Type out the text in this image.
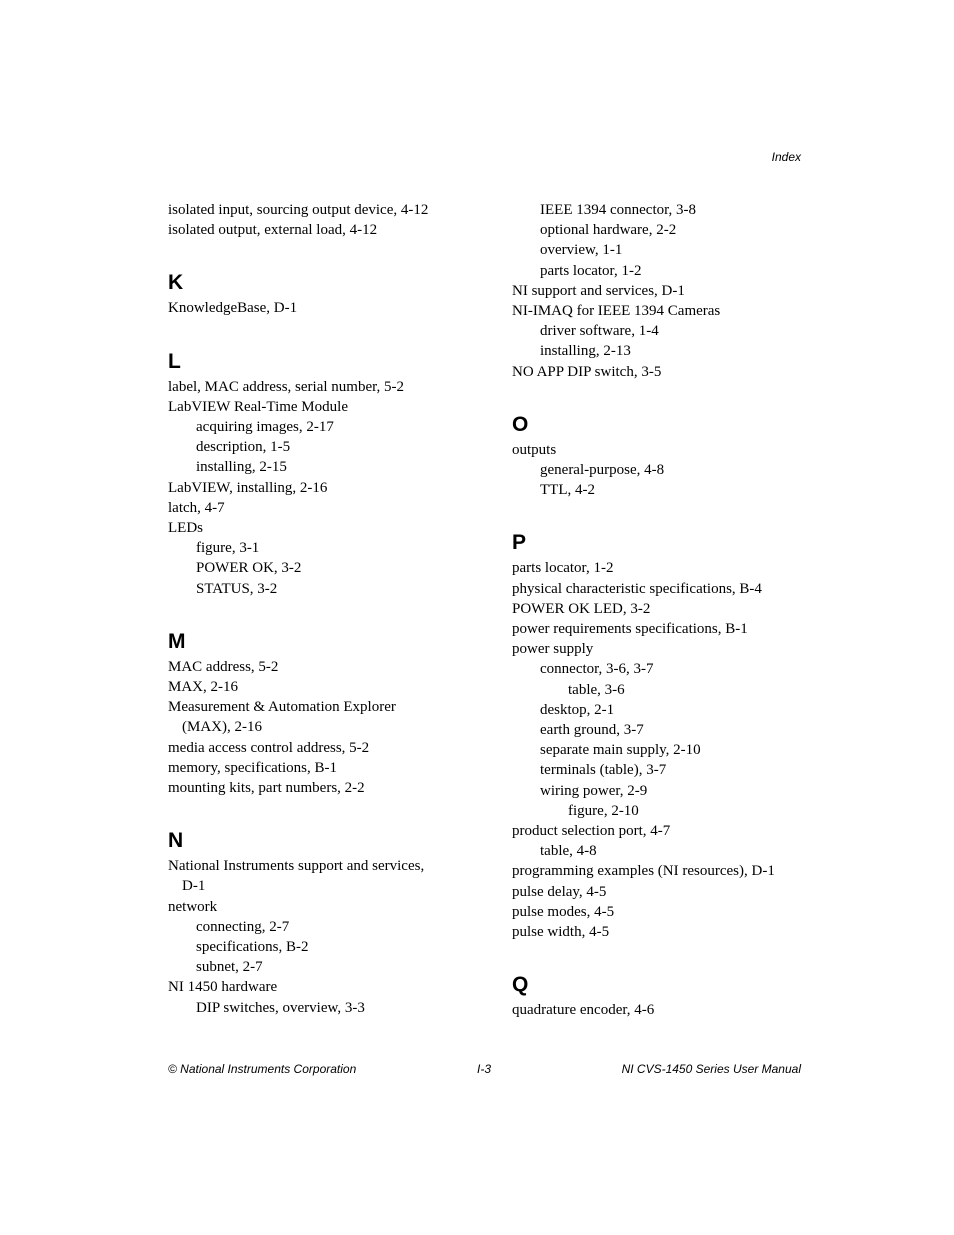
Index
isolated input, sourcing output device, 4-12
isolated output, external load, 4-12
K
KnowledgeBase, D-1
L
label, MAC address, serial number, 5-2
LabVIEW Real-Time Module
acquiring images, 2-17
description, 1-5
installing, 2-15
LabVIEW, installing, 2-16
latch, 4-7
LEDs
figure, 3-1
POWER OK, 3-2
STATUS, 3-2
M
MAC address, 5-2
MAX, 2-16
Measurement & Automation Explorer (MAX), 2-16
media access control address, 5-2
memory, specifications, B-1
mounting kits, part numbers, 2-2
N
National Instruments support and services, D-1
network
connecting, 2-7
specifications, B-2
subnet, 2-7
NI 1450 hardware
DIP switches, overview, 3-3
IEEE 1394 connector, 3-8
optional hardware, 2-2
overview, 1-1
parts locator, 1-2
NI support and services, D-1
NI-IMAQ for IEEE 1394 Cameras
driver software, 1-4
installing, 2-13
NO APP DIP switch, 3-5
O
outputs
general-purpose, 4-8
TTL, 4-2
P
parts locator, 1-2
physical characteristic specifications, B-4
POWER OK LED, 3-2
power requirements specifications, B-1
power supply
connector, 3-6, 3-7
table, 3-6
desktop, 2-1
earth ground, 3-7
separate main supply, 2-10
terminals (table), 3-7
wiring power, 2-9
figure, 2-10
product selection port, 4-7
table, 4-8
programming examples (NI resources), D-1
pulse delay, 4-5
pulse modes, 4-5
pulse width, 4-5
Q
quadrature encoder, 4-6
© National Instruments Corporation	I-3	NI CVS-1450 Series User Manual
